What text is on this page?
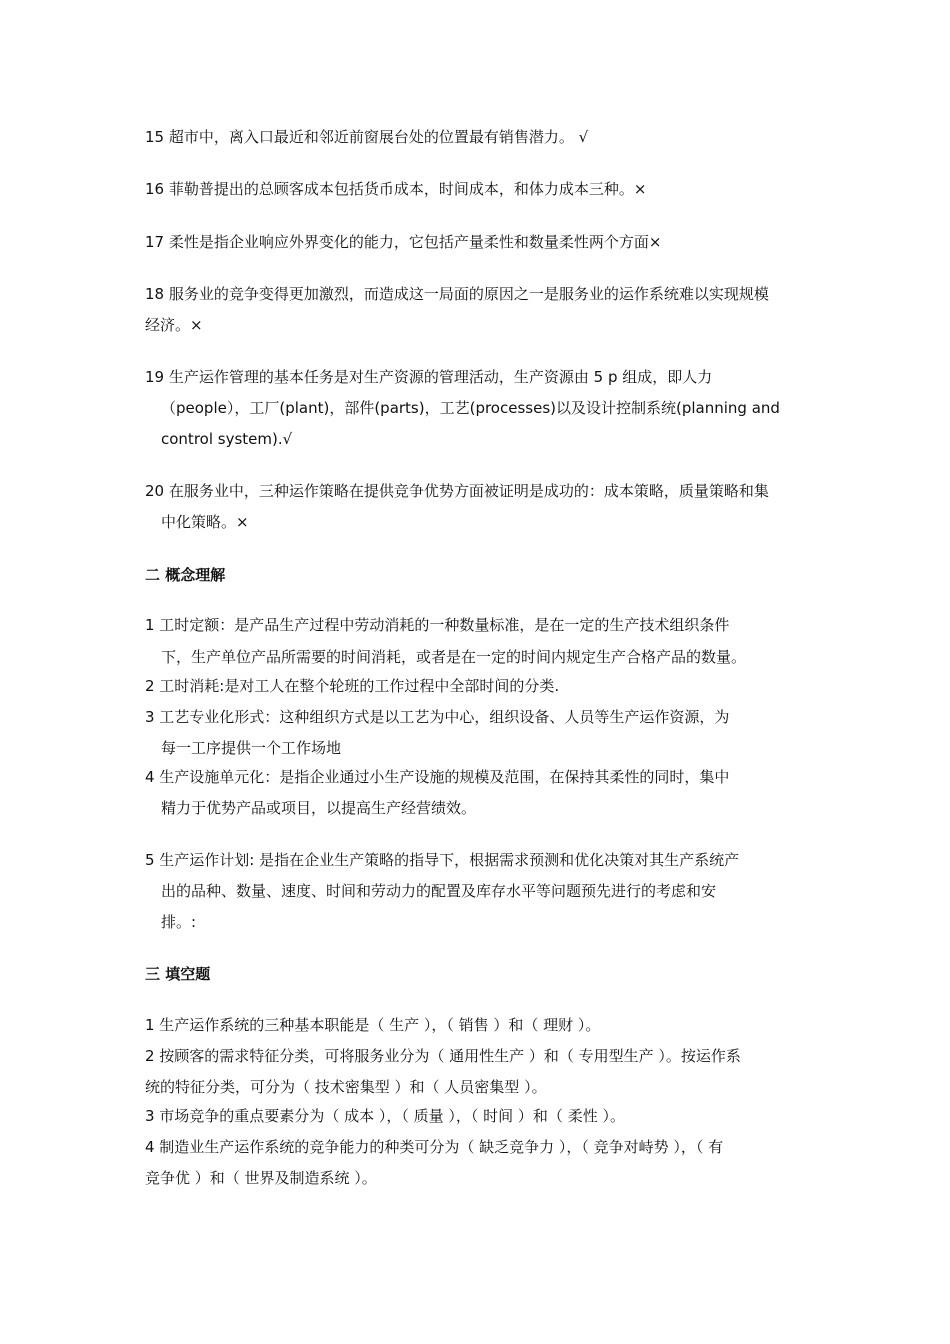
15 超市中，离入口最近和邻近前窗展台处的位置最有销售潜力。 √
16 菲勒普提出的总顾客成本包括货币成本，时间成本，和体力成本三种。×
17 柔性是指企业响应外界变化的能力，它包括产量柔性和数量柔性两个方面×
18 服务业的竞争变得更加激烈，而造成这一局面的原因之一是服务业的运作系统难以实现规模
经济。×
19 生产运作管理的基本任务是对生产资源的管理活动，生产资源由 5 p 组成，即人力
（people），工厂(plant)，部件(parts)，工艺(processes)以及设计控制系统(planning and
control system).√
20 在服务业中，三种运作策略在提供竞争优势方面被证明是成功的：成本策略，质量策略和集
中化策略。×
二 概念理解
1 工时定额：是产品生产过程中劳动消耗的一种数量标准，是在一定的生产技术组织条件
下，生产单位产品所需要的时间消耗，或者是在一定的时间内规定生产合格产品的数量。
2 工时消耗:是对工人在整个轮班的工作过程中全部时间的分类.
3 工艺专业化形式：这种组织方式是以工艺为中心，组织设备、人员等生产运作资源，为
每一工序提供一个工作场地
4 生产设施单元化：是指企业通过小生产设施的规模及范围，在保持其柔性的同时，集中
精力于优势产品或项目，以提高生产经营绩效。
5 生产运作计划: 是指在企业生产策略的指导下，根据需求预测和优化决策对其生产系统产
出的品种、数量、速度、时间和劳动力的配置及库存水平等问题预先进行的考虑和安
排。:
三 填空题
1 生产运作系统的三种基本职能是（ 生产 ），（ 销售 ）和（ 理财 ）。
2 按顾客的需求特征分类，可将服务业分为（ 通用性生产 ）和（ 专用型生产 ）。按运作系
统的特征分类，可分为（ 技术密集型 ）和（ 人员密集型 ）。
3 市场竞争的重点要素分为（ 成本 ），（ 质量 ），（ 时间 ）和（ 柔性 ）。
4 制造业生产运作系统的竞争能力的种类可分为（ 缺乏竞争力 ），（ 竞争对峙势 ），（ 有
竞争优 ）和（ 世界及制造系统 ）。
